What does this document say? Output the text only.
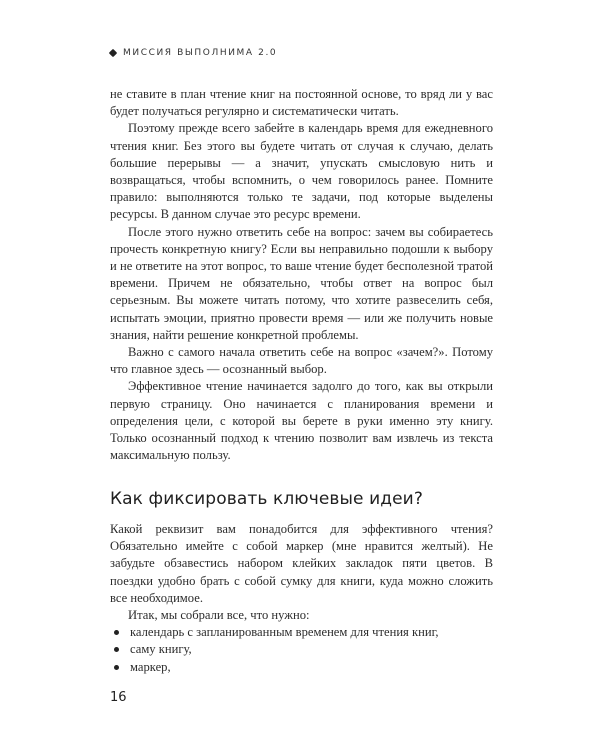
МИССИЯ ВЫПОЛНИМА 2.0

не ставите в план чтение книг на постоянной основе, то вряд ли у вас будет получаться регулярно и систематически читать.

Поэтому прежде всего забейте в календарь время для ежедневного чтения книг. Без этого вы будете читать от случая к случаю, делать большие перерывы — а значит, упускать смысловую нить и возвращаться, чтобы вспомнить, о чем говорилось ранее. Помните правило: выполняются только те задачи, под которые выделены ресурсы. В данном случае это ресурс времени.

После этого нужно ответить себе на вопрос: зачем вы собираетесь прочесть конкретную книгу? Если вы неправильно подошли к выбору и не ответите на этот вопрос, то ваше чтение будет бесполезной тратой времени. Причем не обязательно, чтобы ответ на вопрос был серьезным. Вы можете читать потому, что хотите развеселить себя, испытать эмоции, приятно провести время — или же получить новые знания, найти решение конкретной проблемы.

Важно с самого начала ответить себе на вопрос «зачем?». Потому что главное здесь — осознанный выбор.

Эффективное чтение начинается задолго до того, как вы открыли первую страницу. Оно начинается с планирования времени и определения цели, с которой вы берете в руки именно эту книгу. Только осознанный подход к чтению позволит вам извлечь из текста максимальную пользу.

Как фиксировать ключевые идеи?

Какой реквизит вам понадобится для эффективного чтения? Обязательно имейте с собой маркер (мне нравится желтый). Не забудьте обзавестись набором клейких закладок пяти цветов. В поездки удобно брать с собой сумку для книги, куда можно сложить все необходимое.

Итак, мы собрали все, что нужно:

календарь с запланированным временем для чтения книг,
саму книгу,
маркер,
16
